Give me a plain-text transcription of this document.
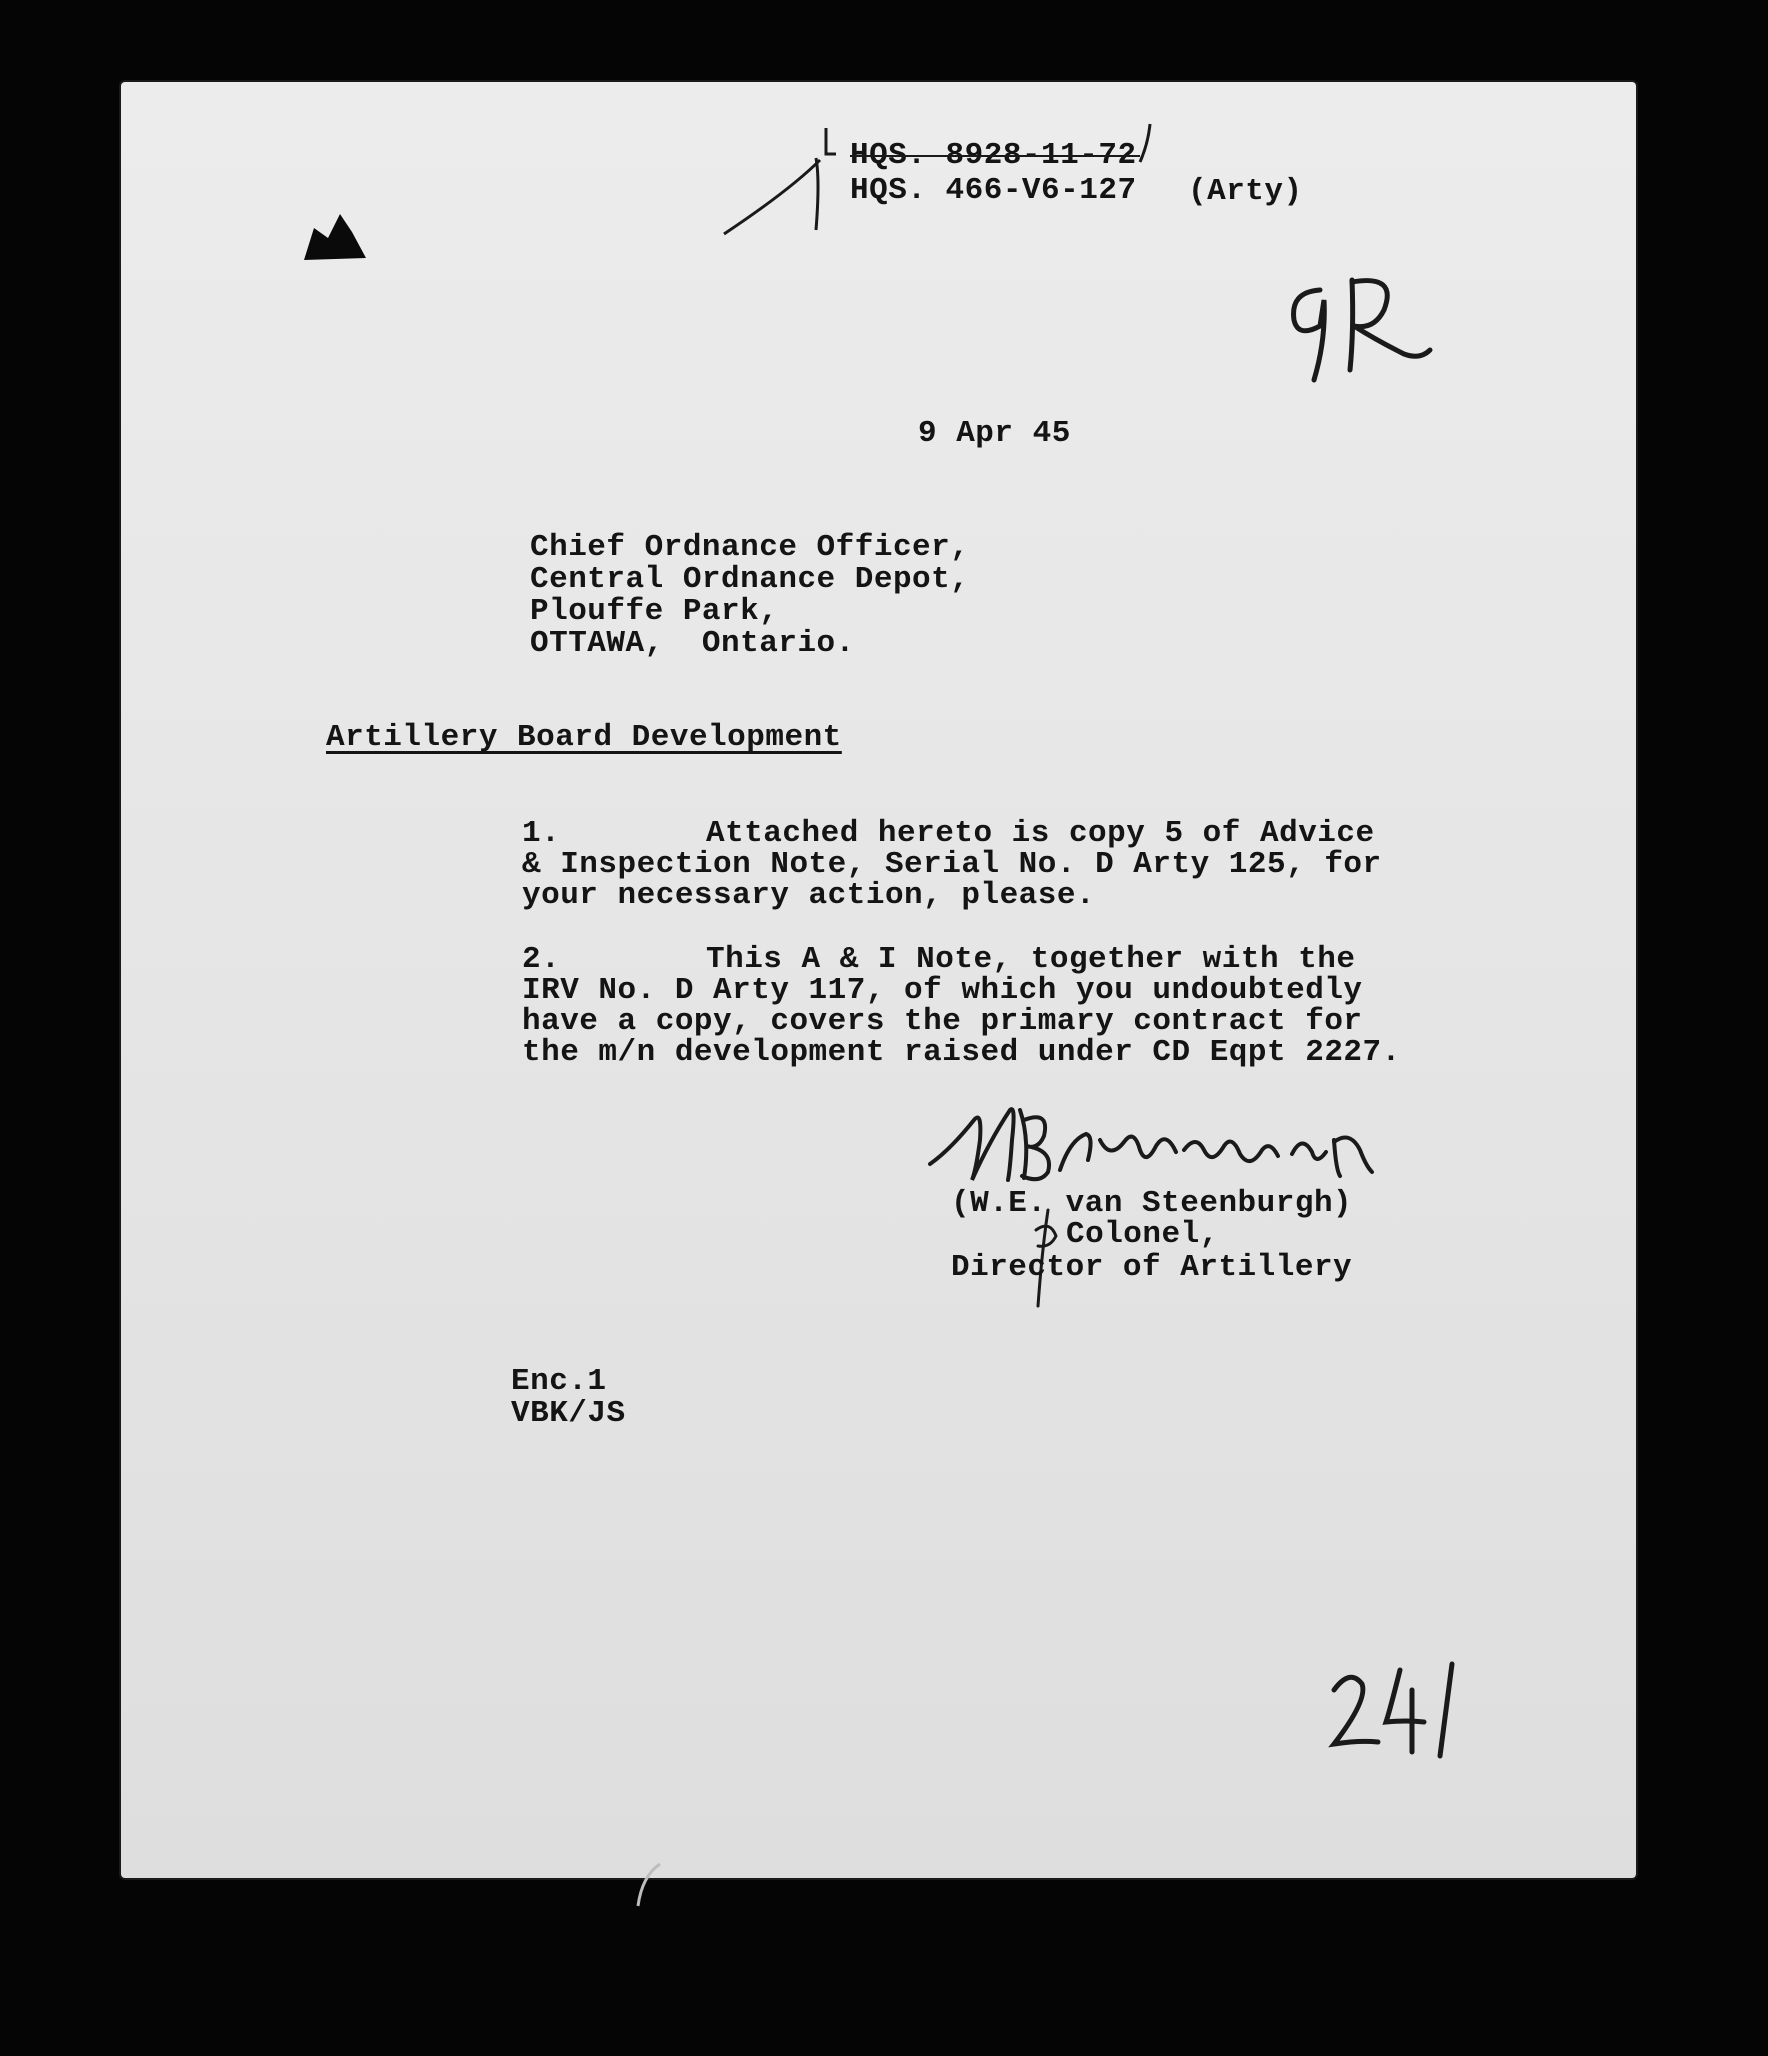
HQS. 8928-11-72
HQS. 466-V6-127 (Arty)
9 Apr 45
Chief Ordnance Officer,
Central Ordnance Depot,
Plouffe Park,
OTTAWA,  Ontario.
Artillery Board Development
1.	Attached hereto is copy 5 of Advice
& Inspection Note, Serial No. D Arty 125, for
your necessary action, please.
2.	This A & I Note, together with the
IRV No. D Arty 117, of which you undoubtedly
have a copy, covers the primary contract for
the m/n development raised under CD Eqpt 2227.
(W.E. van Steenburgh)
Colonel,
Director of Artillery
Enc.1
VBK/JS
